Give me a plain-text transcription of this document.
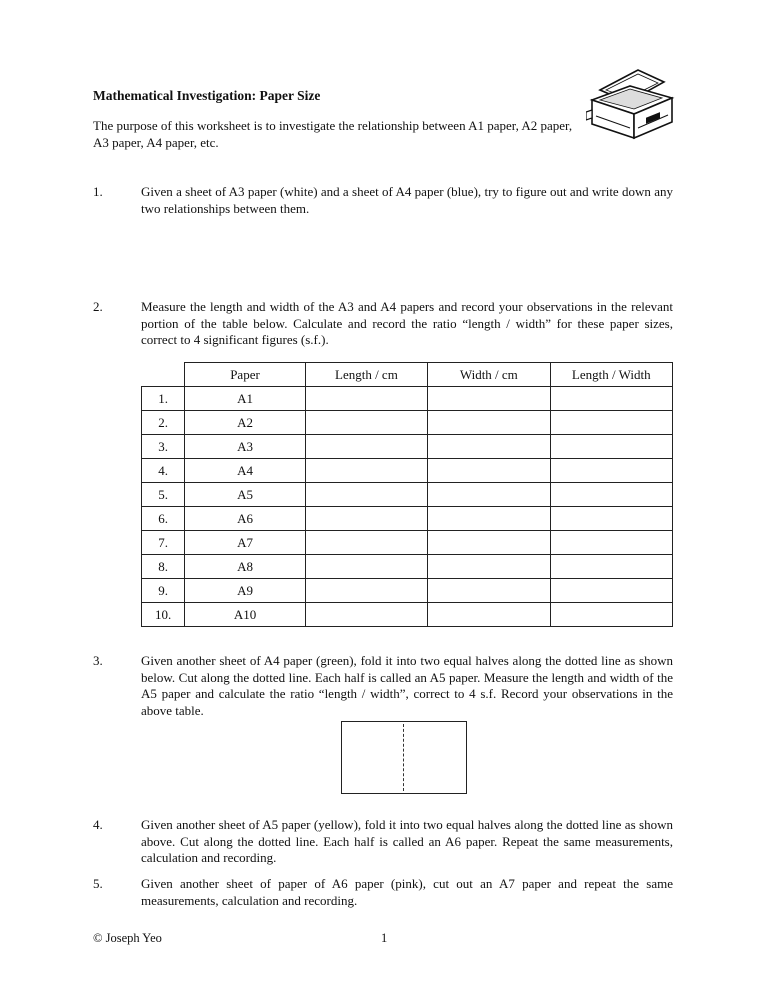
Mathematical Investigation: Paper Size
The purpose of this worksheet is to investigate the relationship between A1 paper, A2 paper, A3 paper, A4 paper, etc.
1.	Given a sheet of A3 paper (white) and a sheet of A4 paper (blue), try to figure out and write down any two relationships between them.
2.	Measure the length and width of the A3 and A4 papers and record your observations in the relevant portion of the table below. Calculate and record the ratio “length / width” for these paper sizes, correct to 4 significant figures (s.f.).
	Paper	Length / cm	Width / cm	Length / Width
1.	A1			
2.	A2			
3.	A3			
4.	A4			
5.	A5			
6.	A6			
7.	A7			
8.	A8			
9.	A9			
10.	A10			
3.	Given another sheet of A4 paper (green), fold it into two equal halves along the dotted line as shown below. Cut along the dotted line. Each half is called an A5 paper. Measure the length and width of the A5 paper and calculate the ratio “length / width”, correct to 4 s.f. Record your observations in the above table.
4.	Given another sheet of A5 paper (yellow), fold it into two equal halves along the dotted line as shown above. Cut along the dotted line. Each half is called an A6 paper. Repeat the same measurements, calculation and recording.
5.	Given another sheet of paper of A6 paper (pink), cut out an A7 paper and repeat the same measurements, calculation and recording.
© Joseph Yeo	1
